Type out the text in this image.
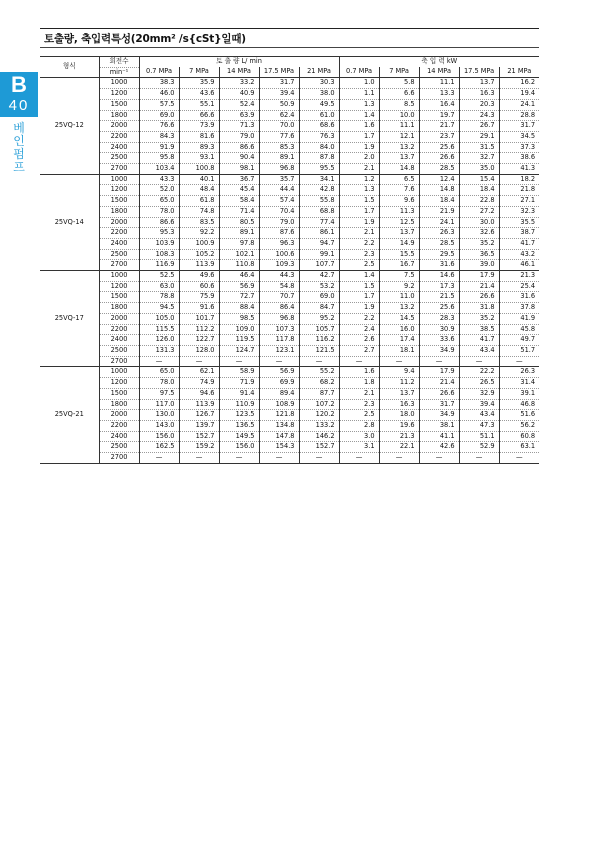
토출량, 축입력특성(20mm² /s{cSt}일때)
B
40
베
인
펌
프
형식	회전수	토 출 량 L/ min					축 입 력 kW				
	min⁻¹	0.7 MPa	7 MPa	14 MPa	17.5 MPa	21 MPa	0.7 MPa	7 MPa	14 MPa	17.5 MPa	21 MPa
25VQ-12	1000	38.3	35.9	33.2	31.7	30.3	1.0	5.8	11.1	13.7	16.2
	1200	46.0	43.6	40.9	39.4	38.0	1.1	6.6	13.3	16.3	19.4
	1500	57.5	55.1	52.4	50.9	49.5	1.3	8.5	16.4	20.3	24.1
	1800	69.0	66.6	63.9	62.4	61.0	1.4	10.0	19.7	24.3	28.8
	2000	76.6	73.9	71.3	70.0	68.6	1.6	11.1	21.7	26.7	31.7
	2200	84.3	81.6	79.0	77.6	76.3	1.7	12.1	23.7	29.1	34.5
	2400	91.9	89.3	86.6	85.3	84.0	1.9	13.2	25.6	31.5	37.3
	2500	95.8	93.1	90.4	89.1	87.8	2.0	13.7	26.6	32.7	38.6
	2700	103.4	100.8	98.1	96.8	95.5	2.1	14.8	28.5	35.0	41.3
25VQ-14	1000	43.3	40.1	36.7	35.7	34.1	1.2	6.5	12.4	15.4	18.2
	1200	52.0	48.4	45.4	44.4	42.8	1.3	7.6	14.8	18.4	21.8
	1500	65.0	61.8	58.4	57.4	55.8	1.5	9.6	18.4	22.8	27.1
	1800	78.0	74.8	71.4	70.4	68.8	1.7	11.3	21.9	27.2	32.3
	2000	86.6	83.5	80.5	79.0	77.4	1.9	12.5	24.1	30.0	35.5
	2200	95.3	92.2	89.1	87.6	86.1	2.1	13.7	26.3	32.6	38.7
	2400	103.9	100.9	97.8	96.3	94.7	2.2	14.9	28.5	35.2	41.7
	2500	108.3	105.2	102.1	100.6	99.1	2.3	15.5	29.5	36.5	43.2
	2700	116.9	113.9	110.8	109.3	107.7	2.5	16.7	31.6	39.0	46.1
25VQ-17	1000	52.5	49.6	46.4	44.3	42.7	1.4	7.5	14.6	17.9	21.3
	1200	63.0	60.6	56.9	54.8	53.2	1.5	9.2	17.3	21.4	25.4
	1500	78.8	75.9	72.7	70.7	69.0	1.7	11.0	21.5	26.6	31.6
	1800	94.5	91.6	88.4	86.4	84.7	1.9	13.2	25.6	31.8	37.8
	2000	105.0	101.7	98.5	96.8	95.2	2.2	14.5	28.3	35.2	41.9
	2200	115.5	112.2	109.0	107.3	105.7	2.4	16.0	30.9	38.5	45.8
	2400	126.0	122.7	119.5	117.8	116.2	2.6	17.4	33.6	41.7	49.7
	2500	131.3	128.0	124.7	123.1	121.5	2.7	18.1	34.9	43.4	51.7
	2700	—	—	—	—	—	—	—	—	—	—
25VQ-21	1000	65.0	62.1	58.9	56.9	55.2	1.6	9.4	17.9	22.2	26.3
	1200	78.0	74.9	71.9	69.9	68.2	1.8	11.2	21.4	26.5	31.4
	1500	97.5	94.6	91.4	89.4	87.7	2.1	13.7	26.6	32.9	39.1
	1800	117.0	113.9	110.9	108.9	107.2	2.3	16.3	31.7	39.4	46.8
	2000	130.0	126.7	123.5	121.8	120.2	2.5	18.0	34.9	43.4	51.6
	2200	143.0	139.7	136.5	134.8	133.2	2.8	19.6	38.1	47.3	56.2
	2400	156.0	152.7	149.5	147.8	146.2	3.0	21.3	41.1	51.1	60.8
	2500	162.5	159.2	156.0	154.3	152.7	3.1	22.1	42.6	52.9	63.1
	2700	—	—	—	—	—	—	—	—	—	—
